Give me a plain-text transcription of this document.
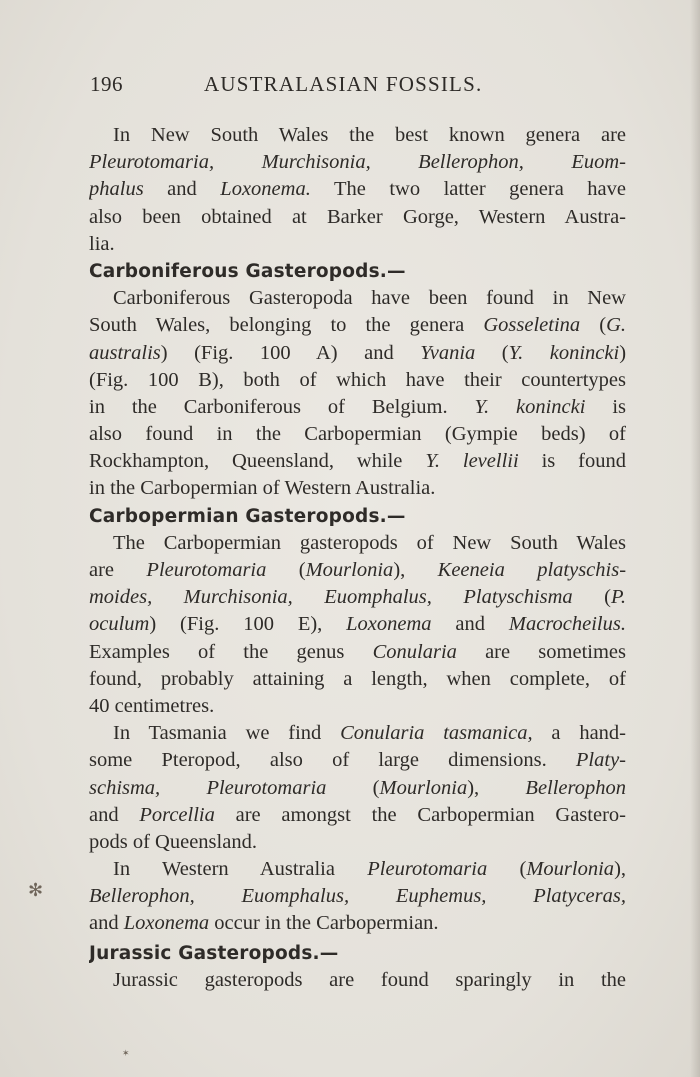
196	AUSTRALASIAN FOSSILS.
In New South Wales the best known genera are
Pleurotomaria, Murchisonia, Bellerophon, Euom-
phalus and Loxonema. The two latter genera have
also been obtained at Barker Gorge, Western Austra-
lia.
Carboniferous Gasteropods.—
Carboniferous Gasteropoda have been found in New
South Wales, belonging to the genera Gosseletina (G.
australis) (Fig. 100 A) and Yvania (Y. konincki)
(Fig. 100 B), both of which have their countertypes
in the Carboniferous of Belgium. Y. konincki is
also found in the Carbopermian (Gympie beds) of
Rockhampton, Queensland, while Y. levellii is found
in the Carbopermian of Western Australia.
Carbopermian Gasteropods.—
The Carbopermian gasteropods of New South Wales
are Pleurotomaria (Mourlonia), Keeneia platyschis-
moides, Murchisonia, Euomphalus, Platyschisma (P.
oculum) (Fig. 100 E), Loxonema and Macrocheilus.
Examples of the genus Conularia are sometimes
found, probably attaining a length, when complete, of
40 centimetres.
In Tasmania we find Conularia tasmanica, a hand-
some Pteropod, also of large dimensions. Platy-
schisma, Pleurotomaria (Mourlonia), Bellerophon
and Porcellia are amongst the Carbopermian Gastero-
pods of Queensland.
In Western Australia Pleurotomaria (Mourlonia),
Bellerophon, Euomphalus, Euphemus, Platyceras,
and Loxonema occur in the Carbopermian.
Jurassic Gasteropods.—
Jurassic gasteropods are found sparingly in the
✻
✶
